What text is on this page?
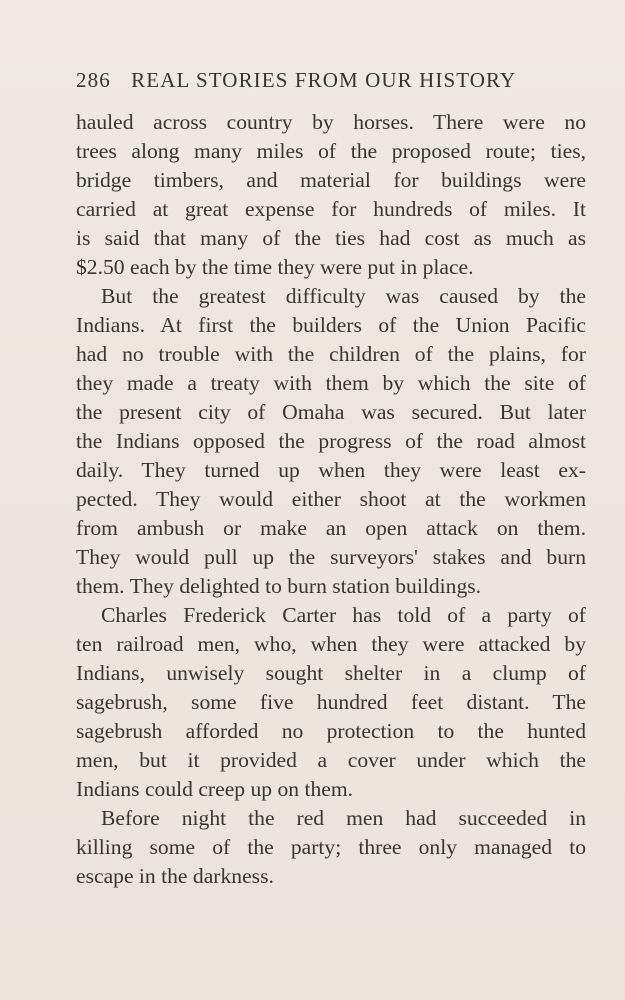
286 REAL STORIES FROM OUR HISTORY
hauled across country by horses. There were no
trees along many miles of the proposed route; ties,
bridge timbers, and material for buildings were
carried at great expense for hundreds of miles. It
is said that many of the ties had cost as much as
$2.50 each by the time they were put in place.
But the greatest difficulty was caused by the
Indians. At first the builders of the Union Pacific
had no trouble with the children of the plains, for
they made a treaty with them by which the site of
the present city of Omaha was secured. But later
the Indians opposed the progress of the road almost
daily. They turned up when they were least ex-
pected. They would either shoot at the workmen
from ambush or make an open attack on them.
They would pull up the surveyors' stakes and burn
them. They delighted to burn station buildings.
Charles Frederick Carter has told of a party of
ten railroad men, who, when they were attacked by
Indians, unwisely sought shelter in a clump of
sagebrush, some five hundred feet distant. The
sagebrush afforded no protection to the hunted
men, but it provided a cover under which the
Indians could creep up on them.
Before night the red men had succeeded in
killing some of the party; three only managed to
escape in the darkness.
